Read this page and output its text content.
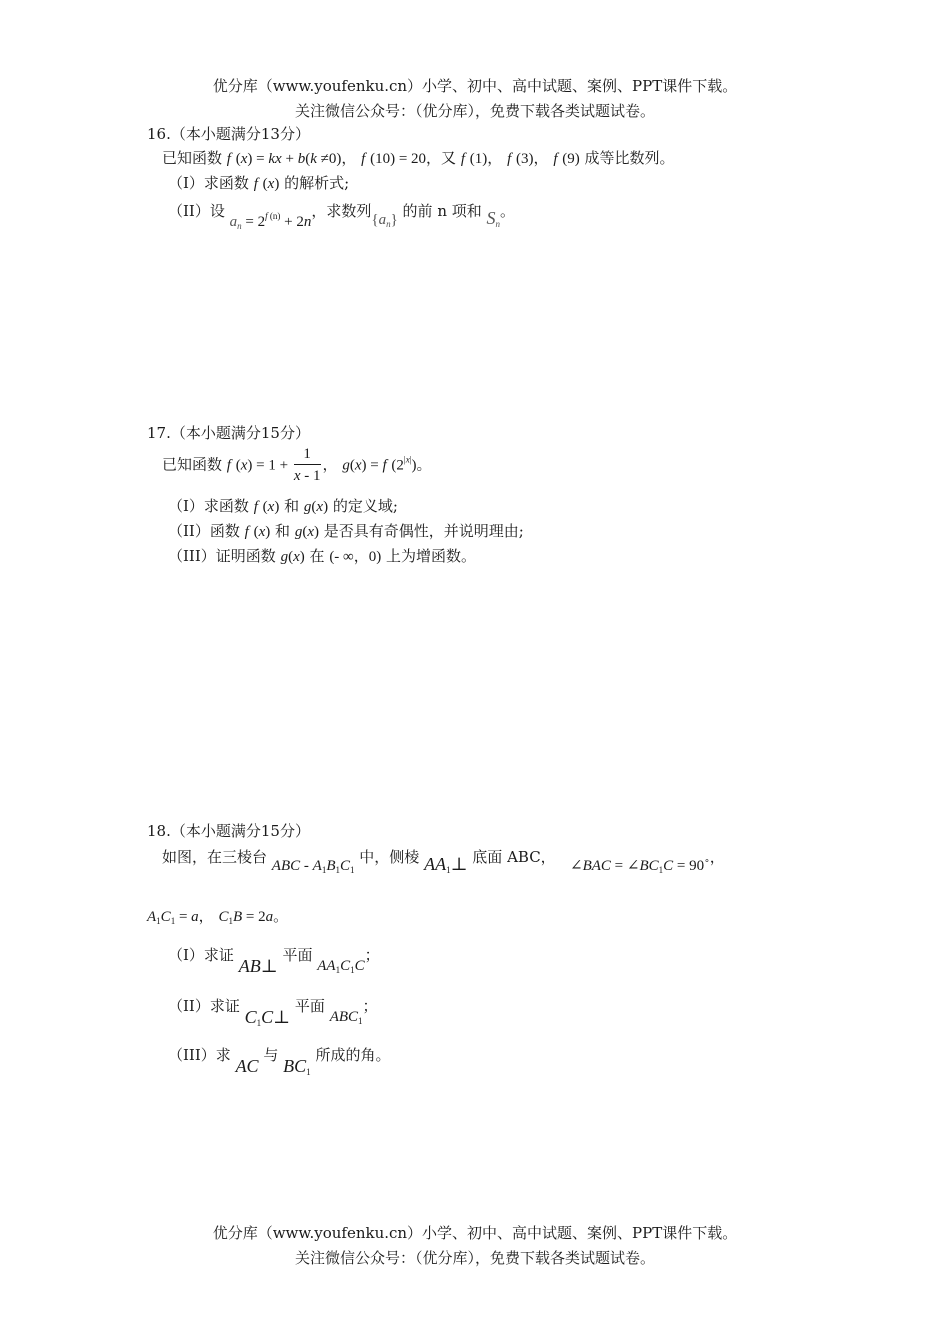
优分库（www.youfenku.cn）小学、初中、高中试题、案例、PPT课件下载。
关注微信公众号：（优分库），免费下载各类试题试卷。
16.（本小题满分13分）
已知函数 f (x) = kx + b(k ≠0)， f (10) = 20，又 f (1)， f (3)， f (9) 成等比数列。
（I）求函数 f (x) 的解析式;
（II）设 $a_n = 2^f$ $^{(n)}$ + 2n，求数列$\{a_n\}$ 的前 n 项和 $S_n$。
17.（本小题满分15分）
已知函数 f $(x) = 1 + \frac{1}{x - 1}$ ， g(x) = f $(2^{|x|})$。
（I）求函数 f (x) 和 g(x) 的定义域;
（II）函数 f (x) 和 g(x) 是否具有奇偶性，并说明理由;
（III）证明函数 g(x) 在 (- ∞，0) 上为增函数。
18.（本小题满分15分）
如图，在三棱台 ABC - $A_1B_1C_1$ 中，侧棱 $AA_1\perp$ 底面 ABC， ∠BAC = $\angle BC_1C = 90^\circ$，
$A_1C_1 = a$， $C_1B = 2a$。
（I）求证 AB⊥ 平面 $AA_1C_1C$；
（II）求证 $C_1C\perp$ 平面 $ABC_1$；
（III）求 AC 与 $BC_1$ 所成的角。
优分库（www.youfenku.cn）小学、初中、高中试题、案例、PPT课件下载。
关注微信公众号：（优分库），免费下载各类试题试卷。
